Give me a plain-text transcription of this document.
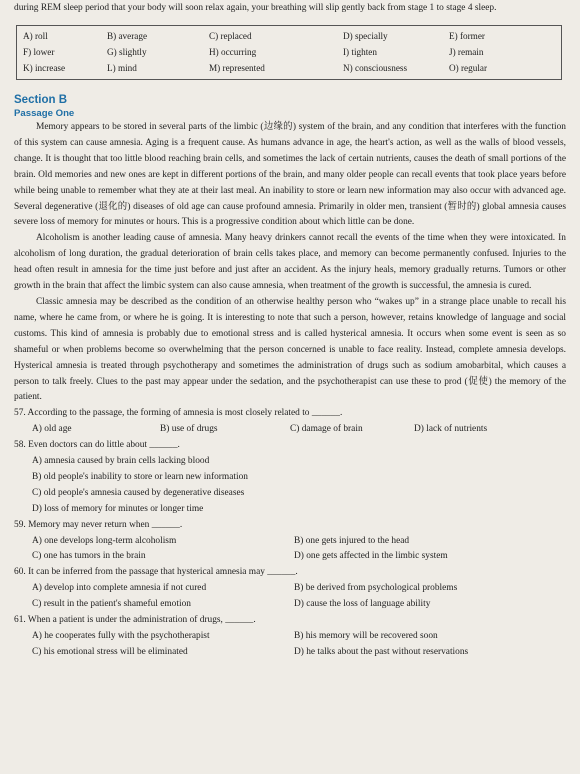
during REM sleep period that your body will soon relax again, your breathing will slip gently back from stage 1 to stage 4 sleep.
A) roll	B) average	C) replaced	D) specially	E) former
F) lower	G) slightly	H) occurring	I) tighten	J) remain
K) increase	L) mind	M) represented	N) consciousness	O) regular
Section B
Passage One
Memory appears to be stored in several parts of the limbic (边缘的) system of the brain, and any condition that interferes with the function of this system can cause amnesia. Aging is a frequent cause. As humans advance in age, the heart's action, as well as the walls of blood vessels, change. It is thought that too little blood reaching brain cells, and sometimes the lack of certain nutrients, causes the death of small portions of the brain. Old memories and new ones are kept in different portions of the brain, and many older people can recall events that took place years before while being unable to remember what they ate at their last meal. An inability to store or learn new information may also occur with advanced age. Several degenerative (退化的) diseases of old age can cause profound amnesia. Primarily in older men, transient (暂时的) global amnesia causes severe loss of memory for minutes or hours. This is a progressive condition about which little can be done.
Alcoholism is another leading cause of amnesia. Many heavy drinkers cannot recall the events of the time when they were intoxicated. In alcoholism of long duration, the gradual deterioration of brain cells takes place, and memory can become permanently confused. Injuries to the head often result in amnesia for the time just before and just after an accident. As the injury heals, memory gradually returns. Tumors or other growth in the brain that affect the limbic system can also cause amnesia, when treatment of the growth is successful, the amnesia is cured.
Classic amnesia may be described as the condition of an otherwise healthy person who “wakes up” in a strange place unable to recall his name, where he came from, or where he is going. It is interesting to note that such a person, however, retains knowledge of language and social customs. This kind of amnesia is probably due to emotional stress and is called hysterical amnesia. It occurs when some event is seen as so shameful or when problems become so overwhelming that the person concerned is unable to face reality. Instead, complete amnesia develops. Hysterical amnesia is treated through psychotherapy and sometimes the administration of drugs such as sodium amobarbital, which causes a person to talk freely. Clues to the past may appear under the sedation, and the psychotherapist can use these to prod (促使) the memory of the patient.
57. According to the passage, the forming of amnesia is most closely related to ______.
A) old age	B) use of drugs	C) damage of brain	D) lack of nutrients
58. Even doctors can do little about ______.
A) amnesia caused by brain cells lacking blood
B) old people's inability to store or learn new information
C) old people's amnesia caused by degenerative diseases
D) loss of memory for minutes or longer time
59. Memory may never return when ______.
A) one develops long-term alcoholism	B) one gets injured to the head
C) one has tumors in the brain	D) one gets affected in the limbic system
60. It can be inferred from the passage that hysterical amnesia may ______.
A) develop into complete amnesia if not cured	B) be derived from psychological problems
C) result in the patient's shameful emotion	D) cause the loss of language ability
61. When a patient is under the administration of drugs, ______.
A) he cooperates fully with the psychotherapist	B) his memory will be recovered soon
C) his emotional stress will be eliminated	D) he talks about the past without reservations
